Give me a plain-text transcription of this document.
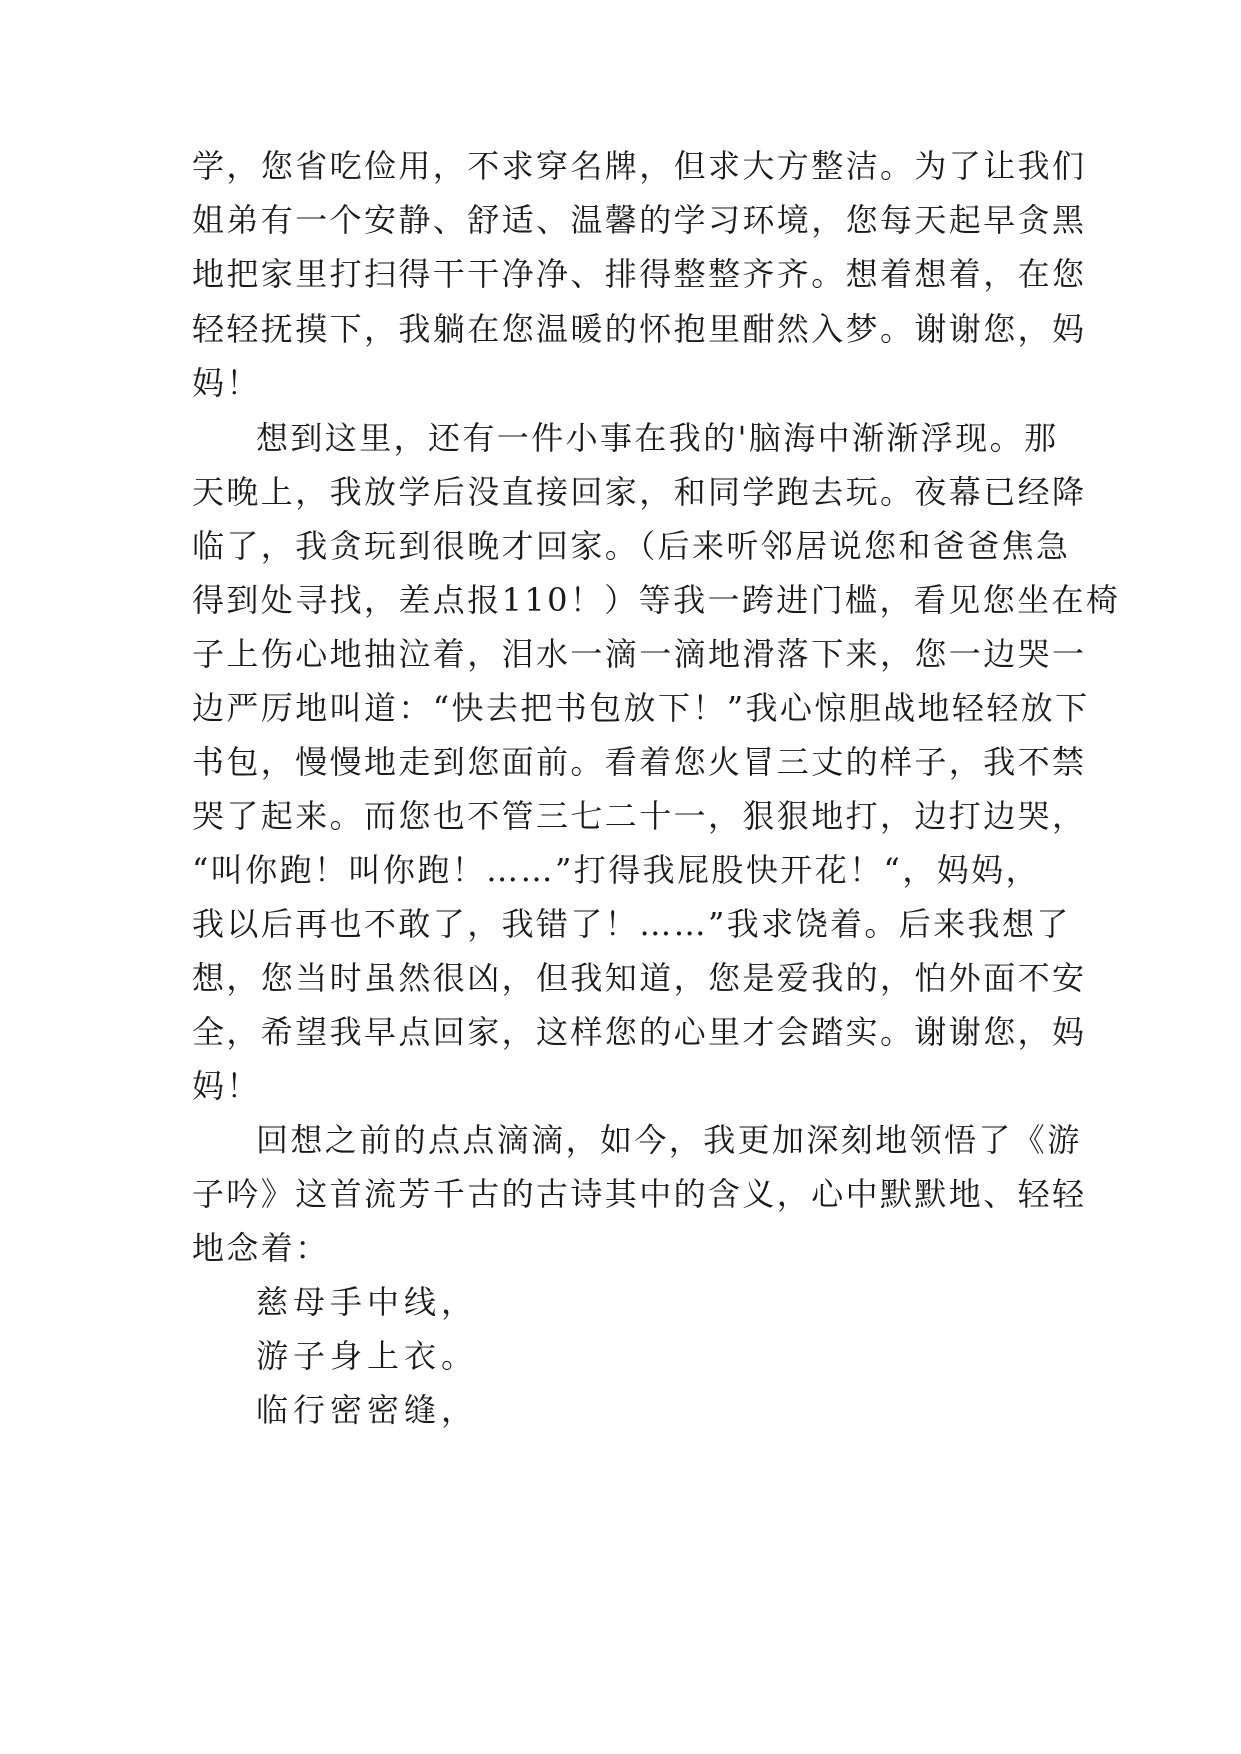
学，您省吃俭用，不求穿名牌，但求大方整洁。为了让我们
姐弟有一个安静、舒适、温馨的学习环境，您每天起早贪黑
地把家里打扫得干干净净、排得整整齐齐。想着想着，在您
轻轻抚摸下，我躺在您温暖的怀抱里酣然入梦。谢谢您，妈
妈！
想到这里，还有一件小事在我的'脑海中渐渐浮现。那
天晚上，我放学后没直接回家，和同学跑去玩。夜幕已经降
临了，我贪玩到很晚才回家。（后来听邻居说您和爸爸焦急
得到处寻找，差点报110！）等我一跨进门槛，看见您坐在椅
子上伤心地抽泣着，泪水一滴一滴地滑落下来，您一边哭一
边严厉地叫道：“快去把书包放下！”我心惊胆战地轻轻放下
书包，慢慢地走到您面前。看着您火冒三丈的样子，我不禁
哭了起来。而您也不管三七二十一，狠狠地打，边打边哭，
“叫你跑！叫你跑！……”打得我屁股快开花！“，妈妈，
我以后再也不敢了，我错了！……”我求饶着。后来我想了
想，您当时虽然很凶，但我知道，您是爱我的，怕外面不安
全，希望我早点回家，这样您的心里才会踏实。谢谢您，妈
妈！
回想之前的点点滴滴，如今，我更加深刻地领悟了《游
子吟》这首流芳千古的古诗其中的含义，心中默默地、轻轻
地念着：
慈母手中线，
游子身上衣。
临行密密缝，
